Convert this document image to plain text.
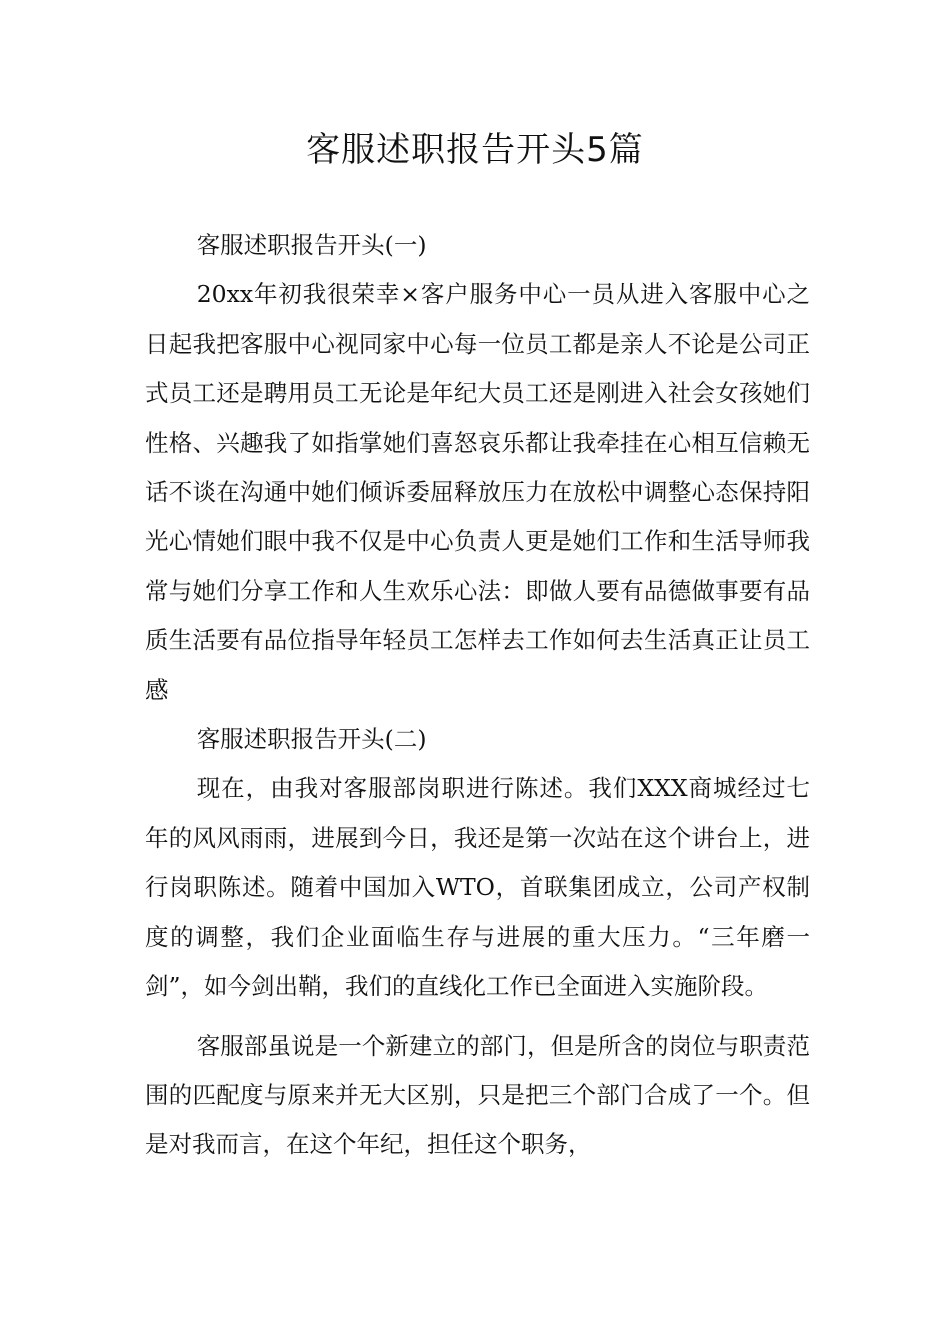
客服述职报告开头5篇

客服述职报告开头(一)

20xx年初我很荣幸×客户服务中心一员从进入客服中心之日起我把客服中心视同家中心每一位员工都是亲人不论是公司正式员工还是聘用员工无论是年纪大员工还是刚进入社会女孩她们性格、兴趣我了如指掌她们喜怒哀乐都让我牵挂在心相互信赖无话不谈在沟通中她们倾诉委屈释放压力在放松中调整心态保持阳光心情她们眼中我不仅是中心负责人更是她们工作和生活导师我常与她们分享工作和人生欢乐心法：即做人要有品德做事要有品质生活要有品位指导年轻员工怎样去工作如何去生活真正让员工感

客服述职报告开头(二)

现在，由我对客服部岗职进行陈述。我们XXX商城经过七年的风风雨雨，进展到今日，我还是第一次站在这个讲台上，进行岗职陈述。随着中国加入WTO，首联集团成立，公司产权制度的调整，我们企业面临生存与进展的重大压力。“三年磨一剑”，如今剑出鞘，我们的直线化工作已全面进入实施阶段。

客服部虽说是一个新建立的部门，但是所含的岗位与职责范围的匹配度与原来并无大区别，只是把三个部门合成了一个。但是对我而言，在这个年纪，担任这个职务，
